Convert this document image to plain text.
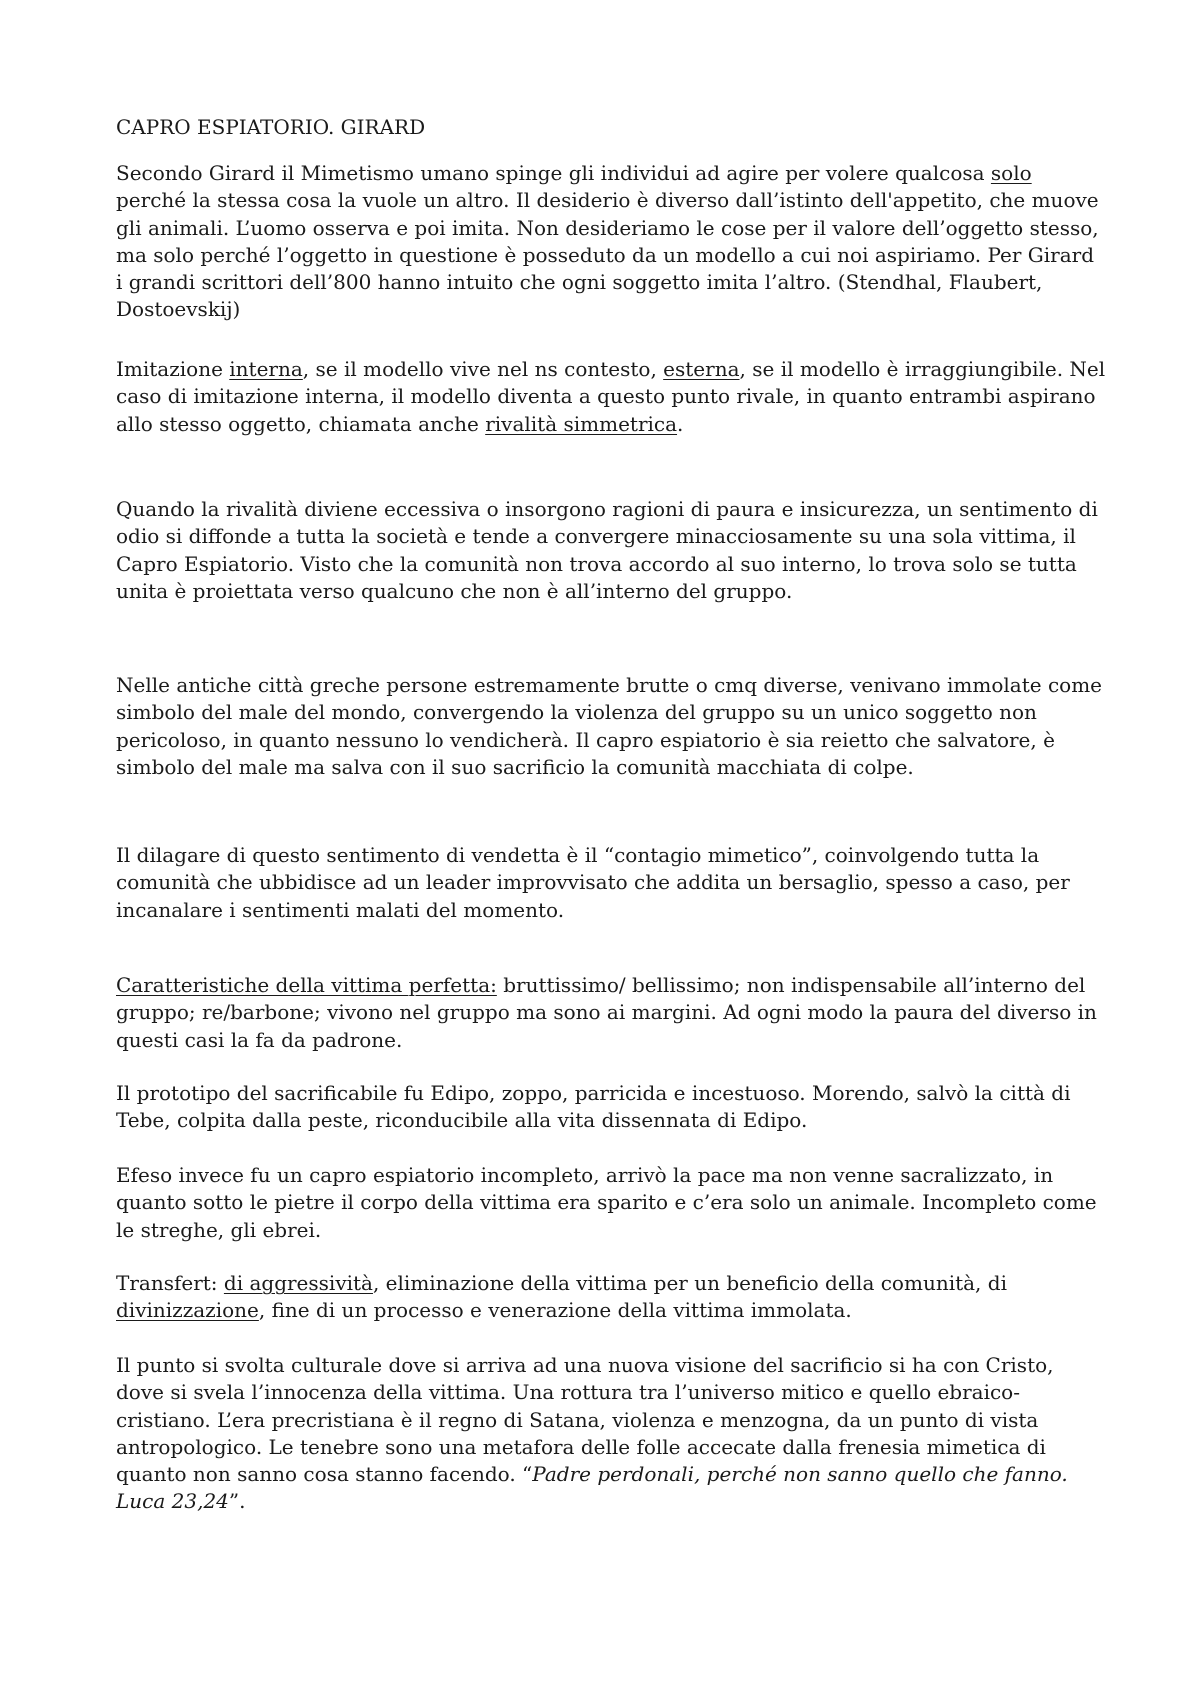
CAPRO ESPIATORIO. GIRARD

Secondo Girard il Mimetismo umano spinge gli individui ad agire per volere qualcosa solo perché la stessa cosa la vuole un altro. Il desiderio è diverso dall’istinto dell'appetito, che muove gli animali. L’uomo osserva e poi imita. Non desideriamo le cose per il valore dell’oggetto stesso, ma solo perché l’oggetto in questione è posseduto da un modello a cui noi aspiriamo. Per Girard i grandi scrittori dell’800 hanno intuito che ogni soggetto imita l’altro. (Stendhal, Flaubert, Dostoevskij)

Imitazione interna, se il modello vive nel ns contesto, esterna, se il modello è irraggiungibile. Nel caso di imitazione interna, il modello diventa a questo punto rivale, in quanto entrambi aspirano allo stesso oggetto, chiamata anche rivalità simmetrica.

Quando la rivalità diviene eccessiva o insorgono ragioni di paura e insicurezza, un sentimento di odio si diffonde a tutta la società e tende a convergere minacciosamente su una sola vittima, il Capro Espiatorio. Visto che la comunità non trova accordo al suo interno, lo trova solo se tutta unita è proiettata verso qualcuno che non è all’interno del gruppo.

Nelle antiche città greche persone estremamente brutte o cmq diverse, venivano immolate come simbolo del male del mondo, convergendo la violenza del gruppo su un unico soggetto non pericoloso, in quanto nessuno lo vendicherà. Il capro espiatorio è sia reietto che salvatore, è simbolo del male ma salva con il suo sacrificio la comunità macchiata di colpe.

Il dilagare di questo sentimento di vendetta è il “contagio mimetico”, coinvolgendo tutta la comunità che ubbidisce ad un leader improvvisato che addita un bersaglio, spesso a caso, per incanalare i sentimenti malati del momento.

Caratteristiche della vittima perfetta: bruttissimo/ bellissimo; non indispensabile all’interno del gruppo; re/barbone; vivono nel gruppo ma sono ai margini. Ad ogni modo la paura del diverso in questi casi la fa da padrone.

Il prototipo del sacrificabile fu Edipo, zoppo, parricida e incestuoso. Morendo, salvò la città di Tebe, colpita dalla peste, riconducibile alla vita dissennata di Edipo.

Efeso invece fu un capro espiatorio incompleto, arrivò la pace ma non venne sacralizzato, in quanto sotto le pietre il corpo della vittima era sparito e c’era solo un animale. Incompleto come le streghe, gli ebrei.

Transfert: di aggressività, eliminazione della vittima per un beneficio della comunità, di divinizzazione, fine di un processo e venerazione della vittima immolata.

Il punto si svolta culturale dove si arriva ad una nuova visione del sacrificio si ha con Cristo, dove si svela l’innocenza della vittima. Una rottura tra l’universo mitico e quello ebraico-cristiano. L’era precristiana è il regno di Satana, violenza e menzogna, da un punto di vista antropologico. Le tenebre sono una metafora delle folle accecate dalla frenesia mimetica di quanto non sanno cosa stanno facendo. “Padre perdonali, perché non sanno quello che fanno. Luca 23,24”.
